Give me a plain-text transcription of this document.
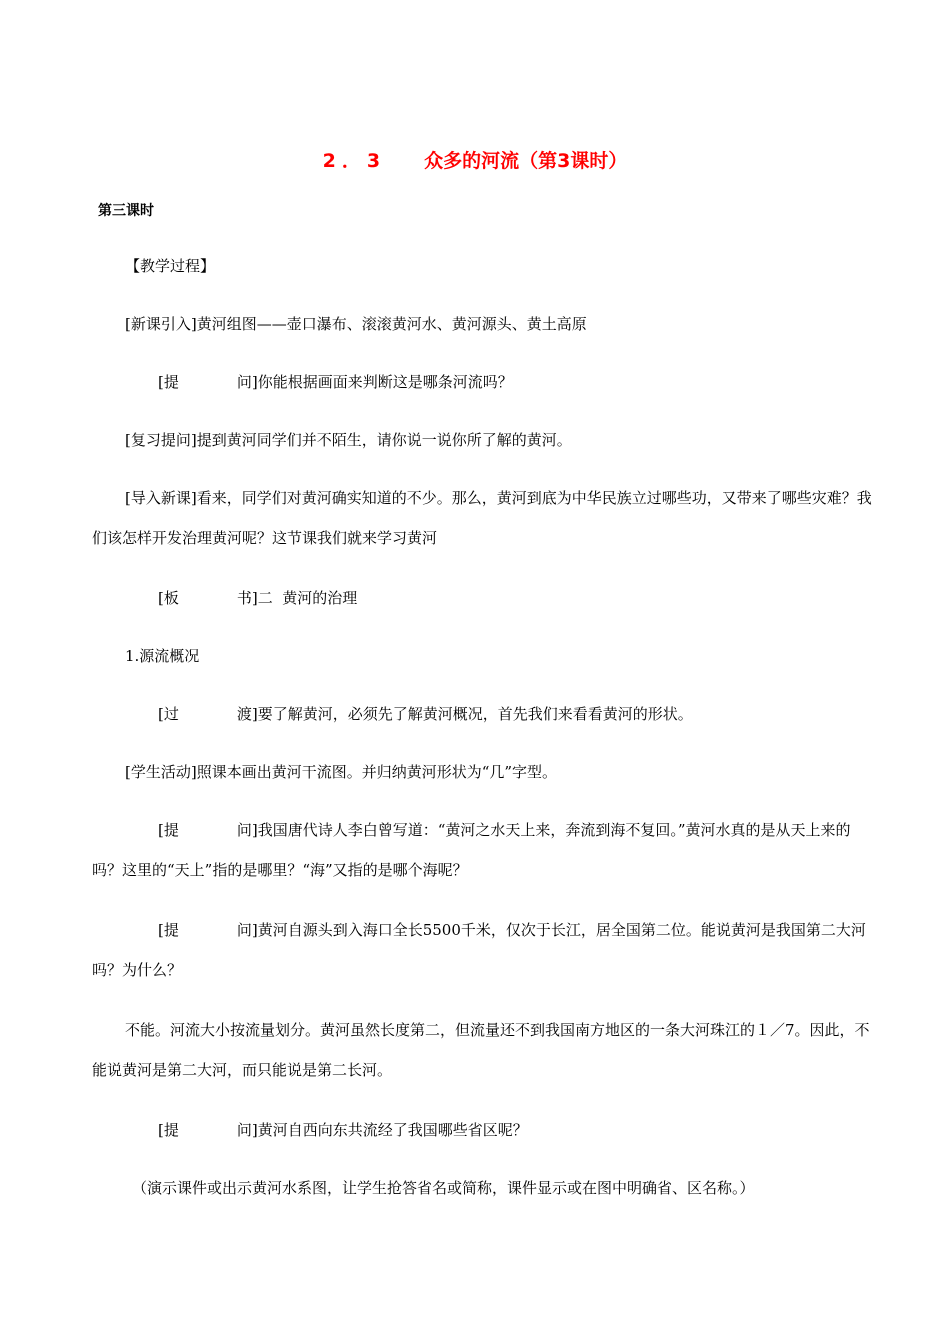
2．3 众多的河流（第3课时）
第三课时

【教学过程】

[新课引入]黄河组图——壶口瀑布、滚滚黄河水、黄河源头、黄土高原

[提	问]你能根据画面来判断这是哪条河流吗？

[复习提问]提到黄河同学们并不陌生，请你说一说你所了解的黄河。

[导入新课]看来，同学们对黄河确实知道的不少。那么，黄河到底为中华民族立过哪些功，又带来了哪些灾难？我们该怎样开发治理黄河呢？这节课我们就来学习黄河

[板	书]二  黄河的治理

1.源流概况

[过	渡]要了解黄河，必须先了解黄河概况，首先我们来看看黄河的形状。

[学生活动]照课本画出黄河干流图。并归纳黄河形状为“几”字型。

[提	问]我国唐代诗人李白曾写道：“黄河之水天上来，奔流到海不复回。”黄河水真的是从天上来的吗？这里的“天上”指的是哪里？“海”又指的是哪个海呢？

[提	问]黄河自源头到入海口全长5500千米，仅次于长江，居全国第二位。能说黄河是我国第二大河吗？为什么？

不能。河流大小按流量划分。黄河虽然长度第二，但流量还不到我国南方地区的一条大河珠江的１／7。因此，不能说黄河是第二大河，而只能说是第二长河。

[提	问]黄河自西向东共流经了我国哪些省区呢？

（演示课件或出示黄河水系图，让学生抢答省名或简称，课件显示或在图中明确省、区名称。）
